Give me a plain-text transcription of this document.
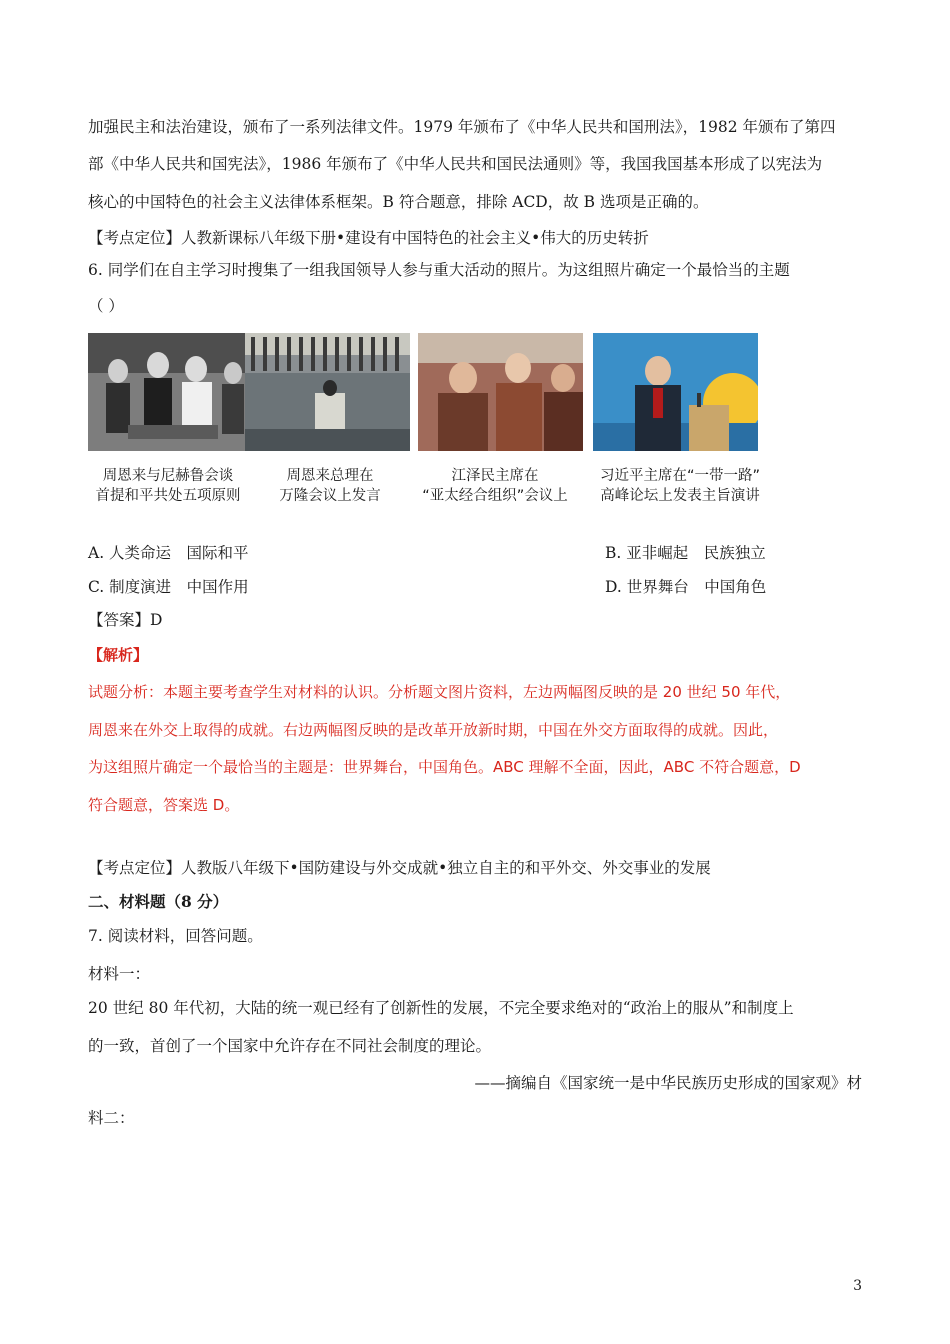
加强民主和法治建设，颁布了一系列法律文件。1979 年颁布了《中华人民共和国刑法》，1982 年颁布了第四
部《中华人民共和国宪法》，1986 年颁布了《中华人民共和国民法通则》等，我国我国基本形成了以宪法为
核心的中国特色的社会主义法律体系框架。B 符合题意，排除 ACD，故 B 选项是正确的。
【考点定位】人教新课标八年级下册•建设有中国特色的社会主义•伟大的历史转折
6. 同学们在自主学习时搜集了一组我国领导人参与重大活动的照片。为这组照片确定一个最恰当的主题
（ ）
周恩来与尼赫鲁会谈
首提和平共处五项原则
周恩来总理在
万隆会议上发言
江泽民主席在
“亚太经合组织”会议上
习近平主席在“一带一路”
高峰论坛上发表主旨演讲
A. 人类命运　国际和平	B. 亚非崛起　民族独立
C. 制度演进　中国作用	D. 世界舞台　中国角色
【答案】D
【解析】
试题分析：本题主要考查学生对材料的认识。分析题文图片资料，左边两幅图反映的是 20 世纪 50 年代，
周恩来在外交上取得的成就。右边两幅图反映的是改革开放新时期，中国在外交方面取得的成就。因此，
为这组照片确定一个最恰当的主题是：世界舞台，中国角色。ABC 理解不全面，因此，ABC 不符合题意，D
符合题意，答案选 D。
【考点定位】人教版八年级下•国防建设与外交成就•独立自主的和平外交、外交事业的发展
二、材料题（8 分）
7. 阅读材料，回答问题。
材料一：
20 世纪 80 年代初，大陆的统一观已经有了创新性的发展，不完全要求绝对的“政治上的服从”和制度上
的一致，首创了一个国家中允许存在不同社会制度的理论。
——摘编自《国家统一是中华民族历史形成的国家观》材
料二：
3
